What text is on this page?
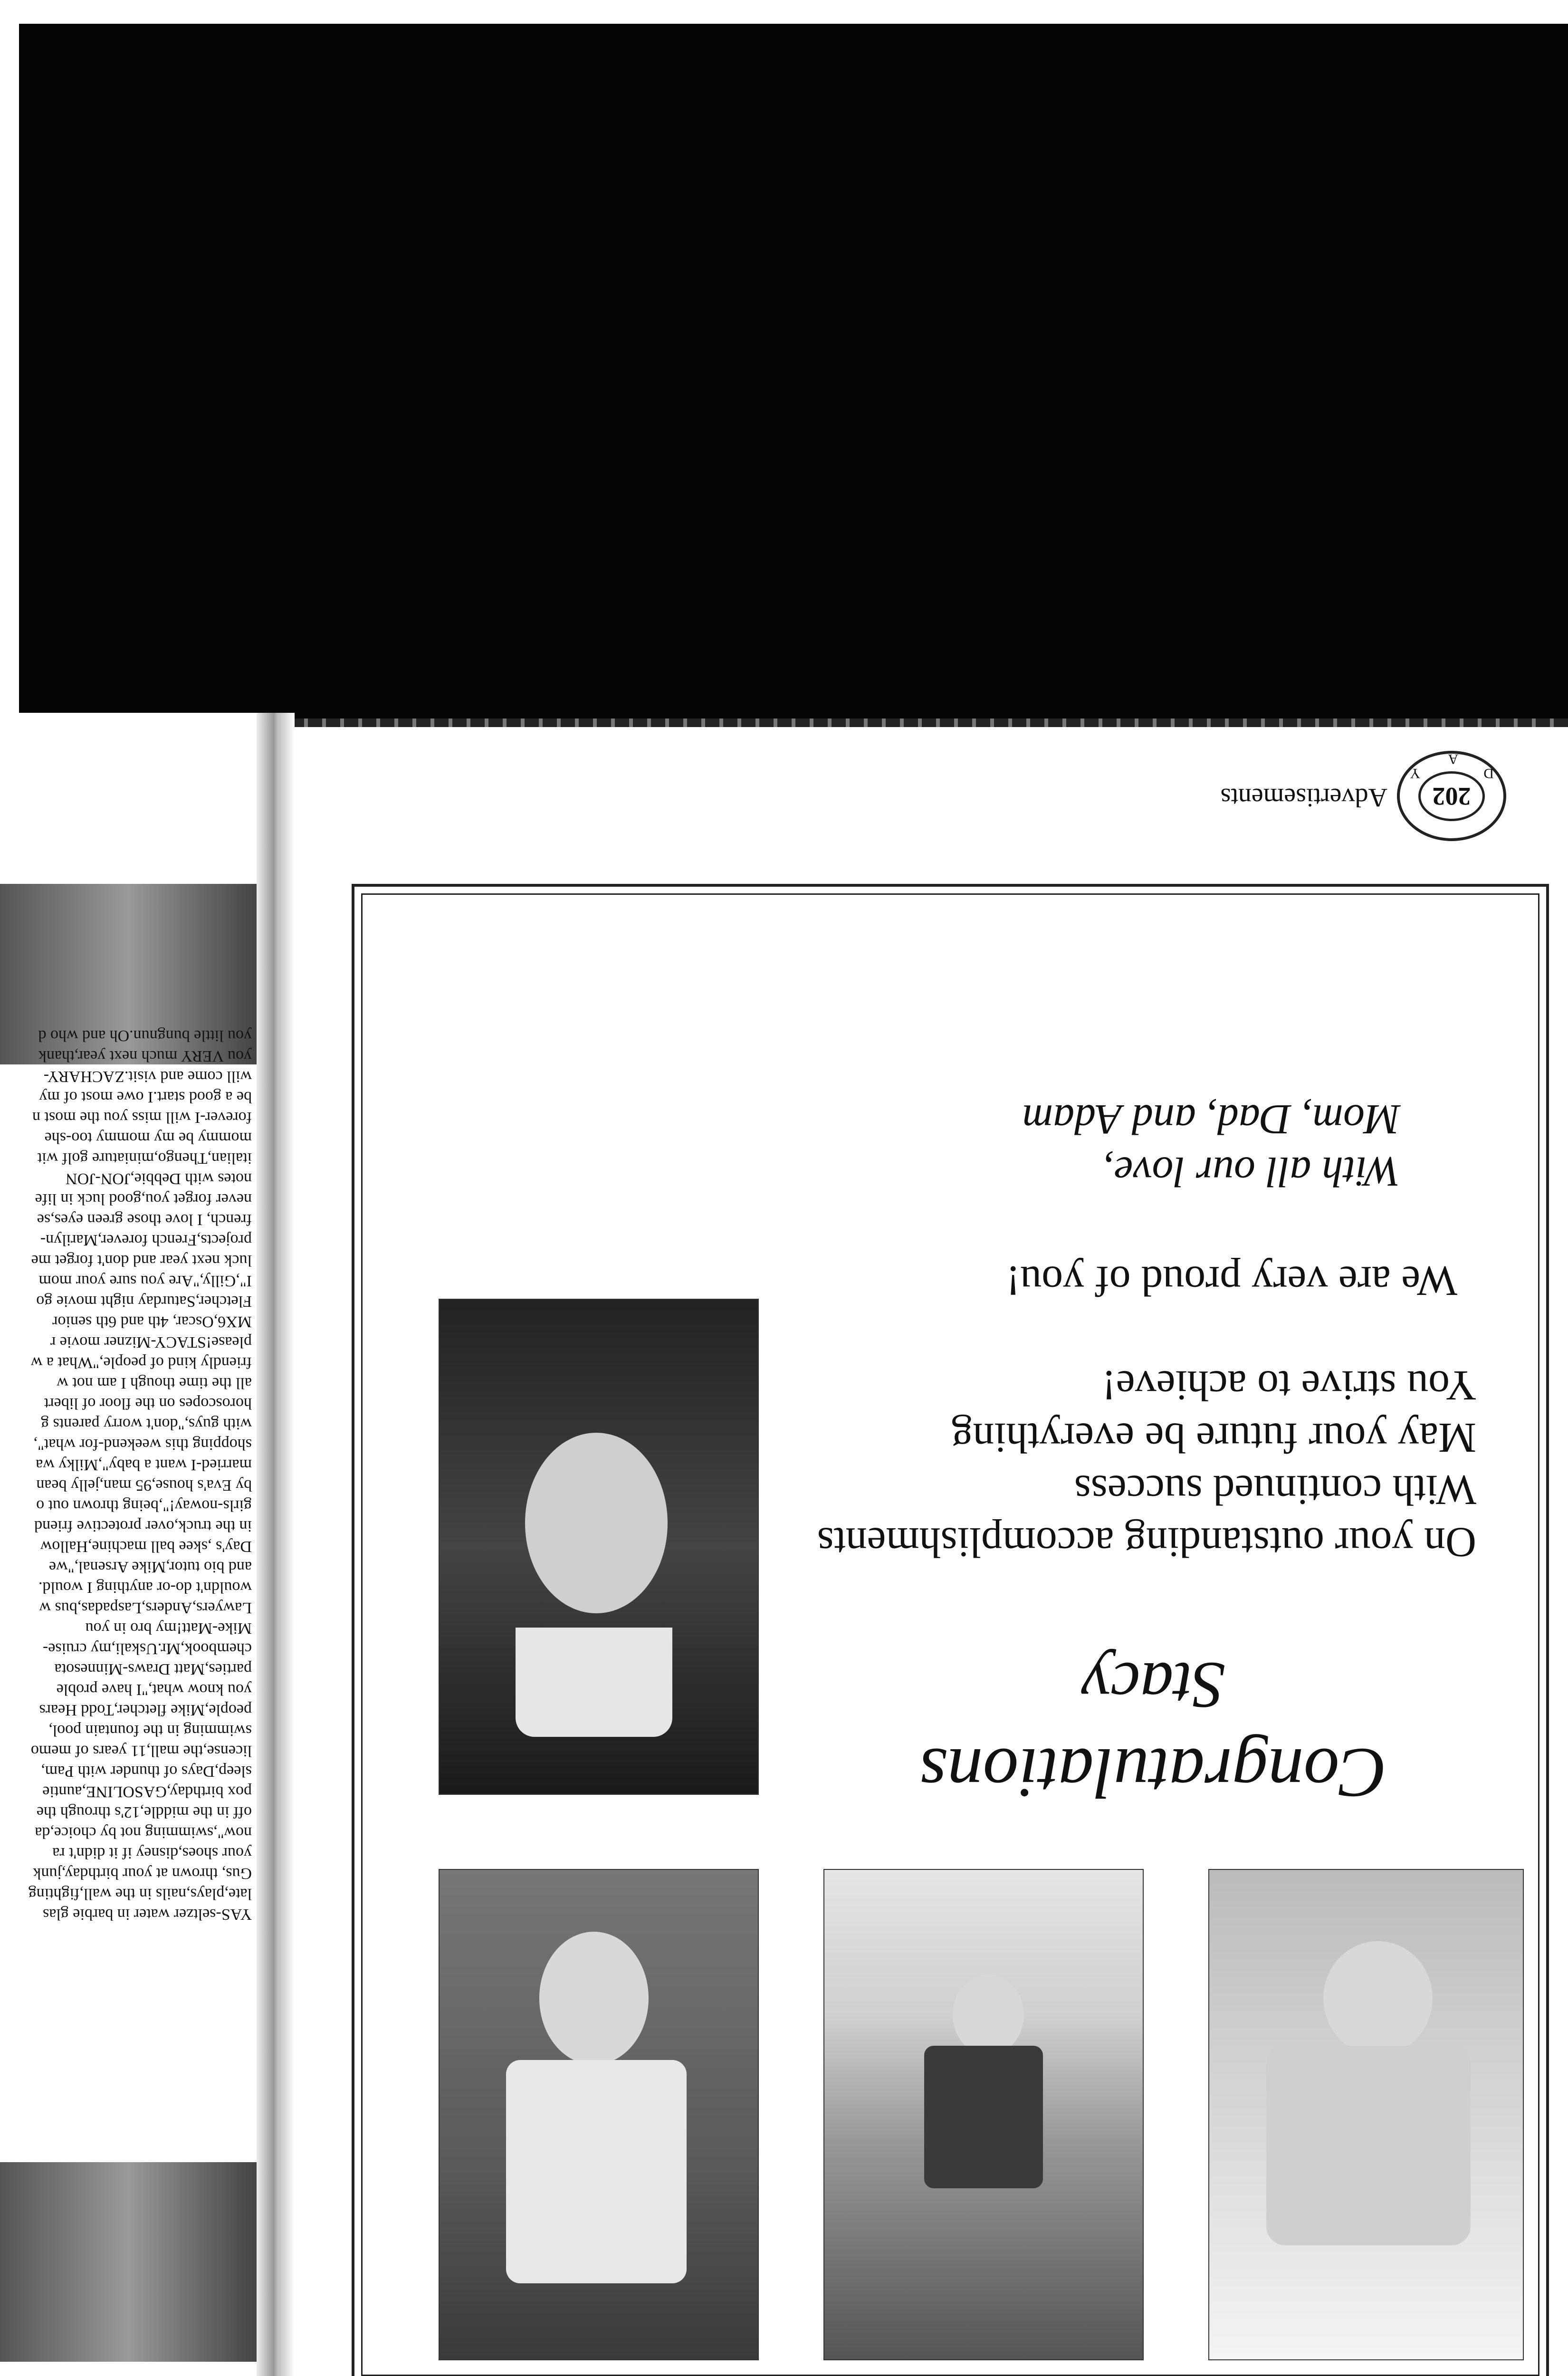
D
A
Y
202
Advertisements
Congratulations
Stacy
On your outstanding accomplishments
With continued success
May your future be everything
You strive to achieve!
We are very proud of you!
With all our love,
Mom, Dad, and Adam

YAS-seltzer water in barbie glas

late,plays,nails in the wall,fighting

Gus, thrown at your birthday,junk

your shoes,disney if it didn't ra

now",swimming not by choice,da

off in the middle,12's through the

pox birthday,GASOLINE,auntie

sleep,Days of thunder with Pam,

license,the mall,11 years of memo

swimming in the fountain pool,

people,Mike fletcher,Todd Hears

you know what,"I have proble

parties,Matt Draws-Minnesota

chembook,Mr.Uskali,my cruise-

Mike-Matt!my bro in you

Lawyers,Anders,Laspadas,bus w

wouldn't do-or anything I would.

and bio tutor,Mike Arsenal,"we

Day's ,skee ball machine,Hallow

in the truck,over protective friend

girls-noway!",being thrown out o

by Eva's house,95 man,jelly bean

married-I want a baby",Milky wa

shopping this weekend-for what",

with guys,"don't worry parents g

horoscopes on the floor of libert

all the time though I am not w

friendly kind of people,"What a w

please!STACY-Mizner movie r

MX6,Oscar, 4th and 6th senior

Fletcher,Saturday night movie go

I",Gilly,"Are you sure your mom

luck next year and don't forget me

projects,French forever,Marilyn-

french, I love those green eyes,se

never forget you,good luck in life

notes with Debbie,JON-JON

italian,Thengo,miniature golf wit

mommy be my mommy too-she

forever-I will miss you the most n

be a good start.I owe most of my

will come and visit.ZACHARY-

you VERY much next year,thank

you little bungnun.Oh and who d
